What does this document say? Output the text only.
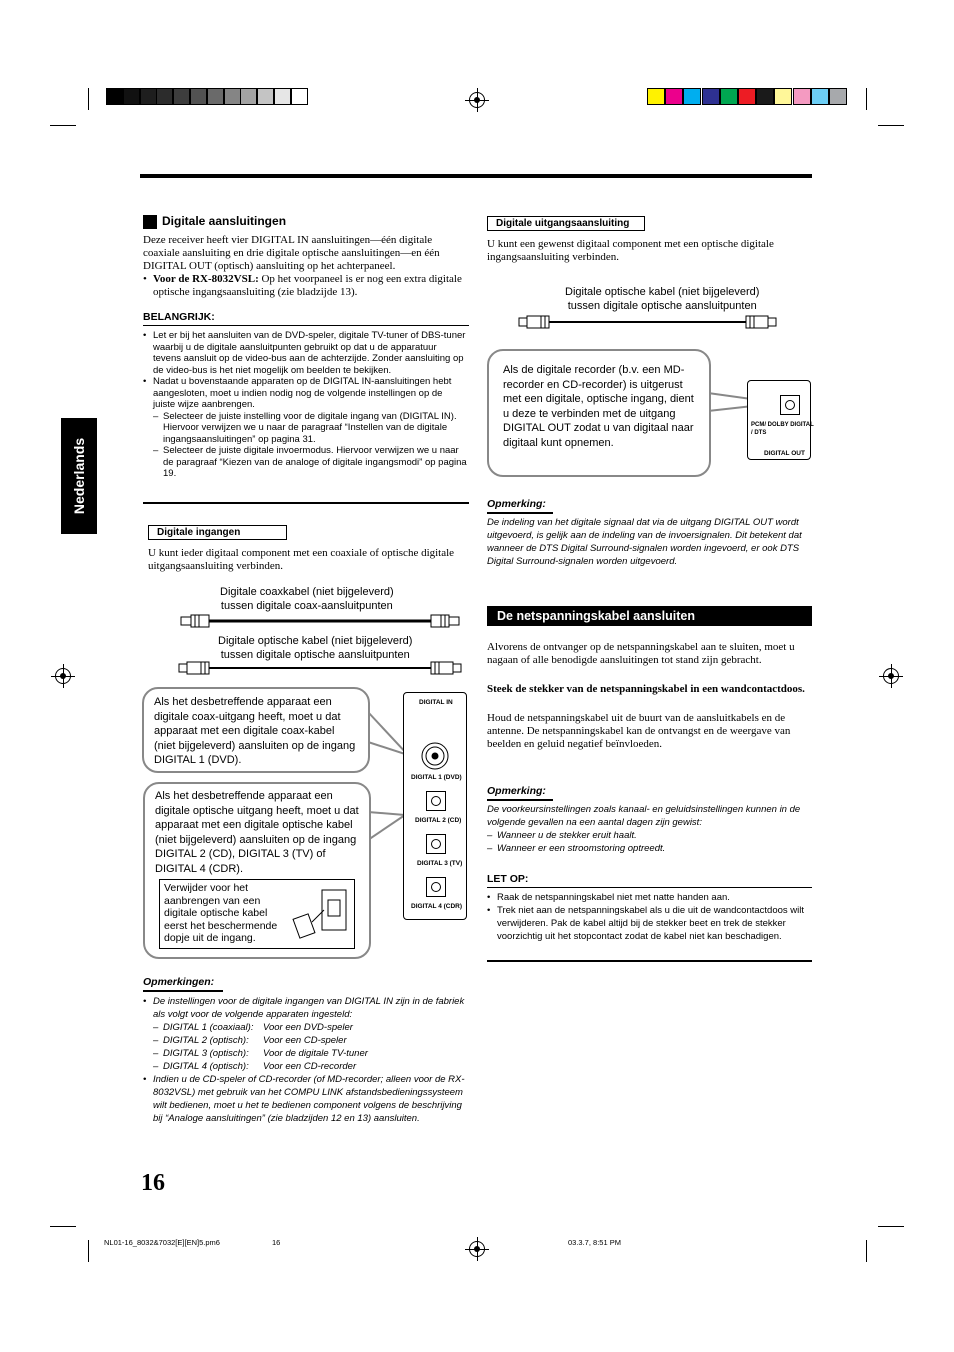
Nederlands
Digitale aansluitingen
Deze receiver heeft vier DIGITAL IN aansluitingen—één digitale coaxiale aansluiting en drie digitale optische aansluitingen—en één DIGITAL OUT (optisch) aansluiting op het achterpaneel.
• Voor de RX-8032VSL: Op het voorpaneel is er nog een extra digitale optische ingangsaansluiting (zie bladzijde 13).
BELANGRIJK:
• Let er bij het aansluiten van de DVD-speler, digitale TV-tuner of DBS-tuner waarbij u de digitale aansluitpunten gebruikt op dat u de apparatuur tevens aansluit op de video-bus aan de achterzijde. Zonder aansluiting op de video-bus is het niet mogelijk om beelden te bekijken.
• Nadat u bovenstaande apparaten op de DIGITAL IN-aansluitingen hebt aangesloten, moet u indien nodig nog de volgende instellingen op de juiste wijze aanbrengen.
– Selecteer de juiste instelling voor de digitale ingang van (DIGITAL IN). Hiervoor verwijzen we u naar de paragraaf “Instellen van de digitale ingangsaansluitingen” op pagina 31.
– Selecteer de juiste digitale invoermodus. Hiervoor verwijzen we u naar de paragraaf “Kiezen van de analoge of digitale ingangsmodi” op pagina 19.
Digitale ingangen
U kunt ieder digitaal component met een coaxiale of optische digitale uitgangsaansluiting verbinden.
Digitale coaxkabel (niet bijgeleverd)
tussen digitale coax-aansluitpunten
Digitale optische kabel (niet bijgeleverd)
tussen digitale optische aansluitpunten
Als het desbetreffende apparaat een digitale coax-uitgang heeft, moet u dat apparaat met een digitale coax-kabel (niet bijgeleverd) aansluiten op de ingang DIGITAL 1 (DVD).
Als het desbetreffende apparaat een digitale optische uitgang heeft, moet u dat apparaat met een digitale optische kabel (niet bijgeleverd) aansluiten op de ingang DIGITAL 2 (CD), DIGITAL 3 (TV) of DIGITAL 4 (CDR).
Verwijder voor het aanbrengen van een digitale optische kabel eerst het beschermende dopje uit de ingang.
DIGITAL IN
DIGITAL 1 (DVD)
DIGITAL 2 (CD)
DIGITAL 3 (TV)
DIGITAL 4 (CDR)
Opmerkingen:
• De instellingen voor de digitale ingangen van DIGITAL IN zijn in de fabriek als volgt voor de volgende apparaten ingesteld:
– DIGITAL 1 (coaxiaal): Voor een DVD-speler
– DIGITAL 2 (optisch): Voor een CD-speler
– DIGITAL 3 (optisch): Voor de digitale TV-tuner
– DIGITAL 4 (optisch): Voor een CD-recorder
• Indien u de CD-speler of CD-recorder (of MD-recorder; alleen voor de RX-8032VSL) met gebruik van het COMPU LINK afstandsbedieningssysteem wilt bedienen, moet u het te bedienen component volgens de beschrijving bij “Analoge aansluitingen” (zie bladzijden 12 en 13) aansluiten.
16
Digitale uitgangsaansluiting
U kunt een gewenst digitaal component met een optische digitale ingangsaansluiting verbinden.
Digitale optische kabel (niet bijgeleverd)
tussen digitale optische aansluitpunten
Als de digitale recorder (b.v. een MD-recorder en CD-recorder) is uitgerust met een digitale, optische ingang, dient u deze te verbinden met de uitgang DIGITAL OUT zodat u van digitaal naar digitaal kunt opnemen.
PCM/ DOLBY DIGITAL
/ DTS
DIGITAL OUT
Opmerking:
De indeling van het digitale signaal dat via de uitgang DIGITAL OUT wordt uitgevoerd, is gelijk aan de indeling van de invoersignalen. Dit betekent dat wanneer de DTS Digital Surround-signalen worden ingevoerd, er ook DTS Digital Surround-signalen worden uitgevoerd.
De netspanningskabel aansluiten
Alvorens de ontvanger op de netspanningskabel aan te sluiten, moet u nagaan of alle benodigde aansluitingen tot stand zijn gebracht.
Steek de stekker van de netspanningskabel in een wandcontactdoos.
Houd de netspanningskabel uit de buurt van de aansluitkabels en de antenne. De netspanningskabel kan de ontvangst en de weergave van beelden en geluid negatief beïnvloeden.
Opmerking:
De voorkeursinstellingen zoals kanaal- en geluidsinstellingen kunnen in de volgende gevallen na een aantal dagen zijn gewist:
– Wanneer u de stekker eruit haalt.
– Wanneer er een stroomstoring optreedt.
LET OP:
• Raak de netspanningskabel niet met natte handen aan.
• Trek niet aan de netspanningskabel als u die uit de wandcontactdoos wilt verwijderen. Pak de kabel altijd bij de stekker beet en trek de stekker voorzichtig uit het stopcontact zodat de kabel niet kan beschadigen.
NL01-16_8032&7032[E][EN]5.pm6	16	03.3.7, 8:51 PM
